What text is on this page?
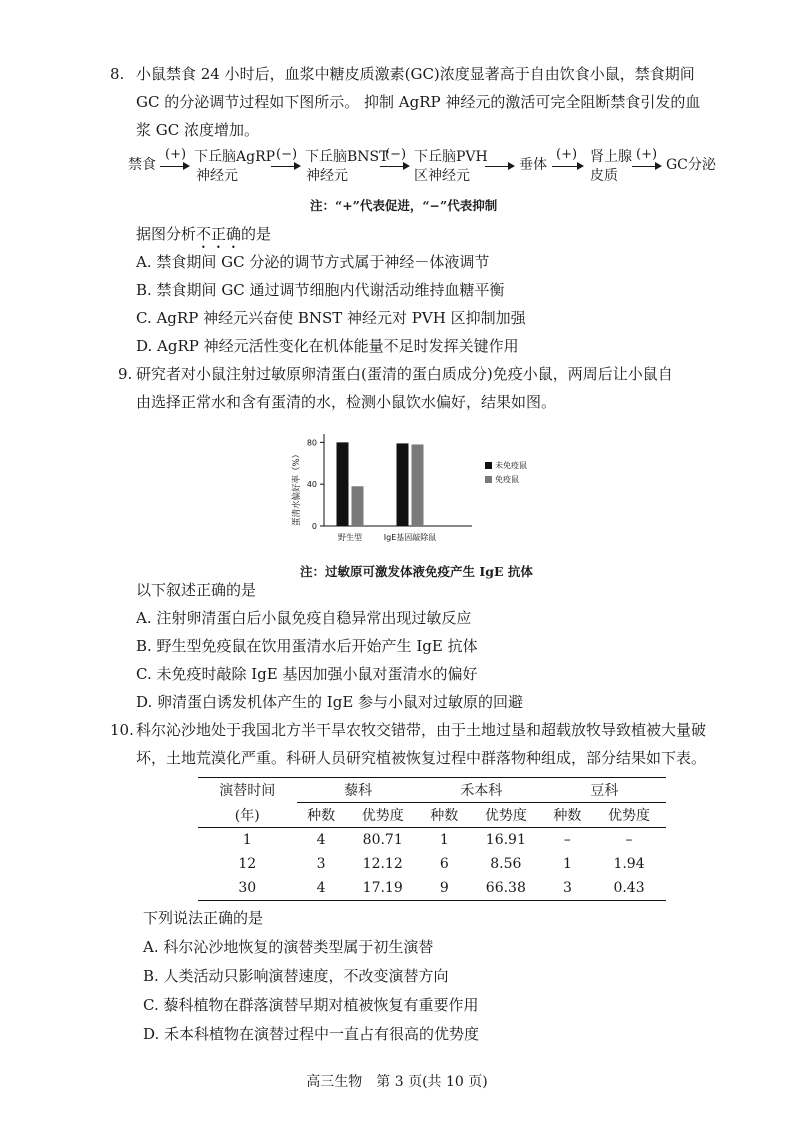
8. 小鼠禁食 24 小时后，血浆中糖皮质激素(GC)浓度显著高于自由饮食小鼠，禁食期间
GC 的分泌调节过程如下图所示。 抑制 AgRP 神经元的激活可完全阻断禁食引发的血
浆 GC 浓度增加。
禁食
(+) 下丘脑AgRP
神经元
(−) 下丘脑BNST
神经元
(−) 下丘脑PVH
区神经元
垂体
(+) 肾上腺
皮质
(+)
GC分泌
注：“+”代表促进，“−”代表抑制
据图分析不正确的是
A. 禁食期间 GC 分泌的调节方式属于神经－体液调节
B. 禁食期间 GC 通过调节细胞内代谢活动维持血糖平衡
C. AgRP 神经元兴奋使 BNST 神经元对 PVH 区抑制加强
D. AgRP 神经元活性变化在机体能量不足时发挥关键作用
9. 研究者对小鼠注射过敏原卵清蛋白(蛋清的蛋白质成分)免疫小鼠，两周后让小鼠自
由选择正常水和含有蛋清的水，检测小鼠饮水偏好，结果如图。
蛋清水偏好率（%）
0
40
80
野生型	IgE基因敲除鼠
未免疫鼠
免疫鼠
注：过敏原可激发体液免疫产生 IgE 抗体
以下叙述正确的是
A. 注射卵清蛋白后小鼠免疫自稳异常出现过敏反应
B. 野生型免疫鼠在饮用蛋清水后开始产生 IgE 抗体
C. 未免疫时敲除 IgE 基因加强小鼠对蛋清水的偏好
D. 卵清蛋白诱发机体产生的 IgE 参与小鼠对过敏原的回避
10. 科尔沁沙地处于我国北方半干旱农牧交错带，由于土地过垦和超载放牧导致植被大量破
坏，土地荒漠化严重。科研人员研究植被恢复过程中群落物种组成，部分结果如下表。
演替时间	藜科		禾本科		豆科	
(年)	种数	优势度	种数	优势度	种数	优势度
1	4	80.71	1	16.91	–	–
12	3	12.12	6	8.56	1	1.94
30	4	17.19	9	66.38	3	0.43
下列说法正确的是
A. 科尔沁沙地恢复的演替类型属于初生演替
B. 人类活动只影响演替速度，不改变演替方向
C. 藜科植物在群落演替早期对植被恢复有重要作用
D. 禾本科植物在演替过程中一直占有很高的优势度
高三生物　第 3 页(共 10 页)
